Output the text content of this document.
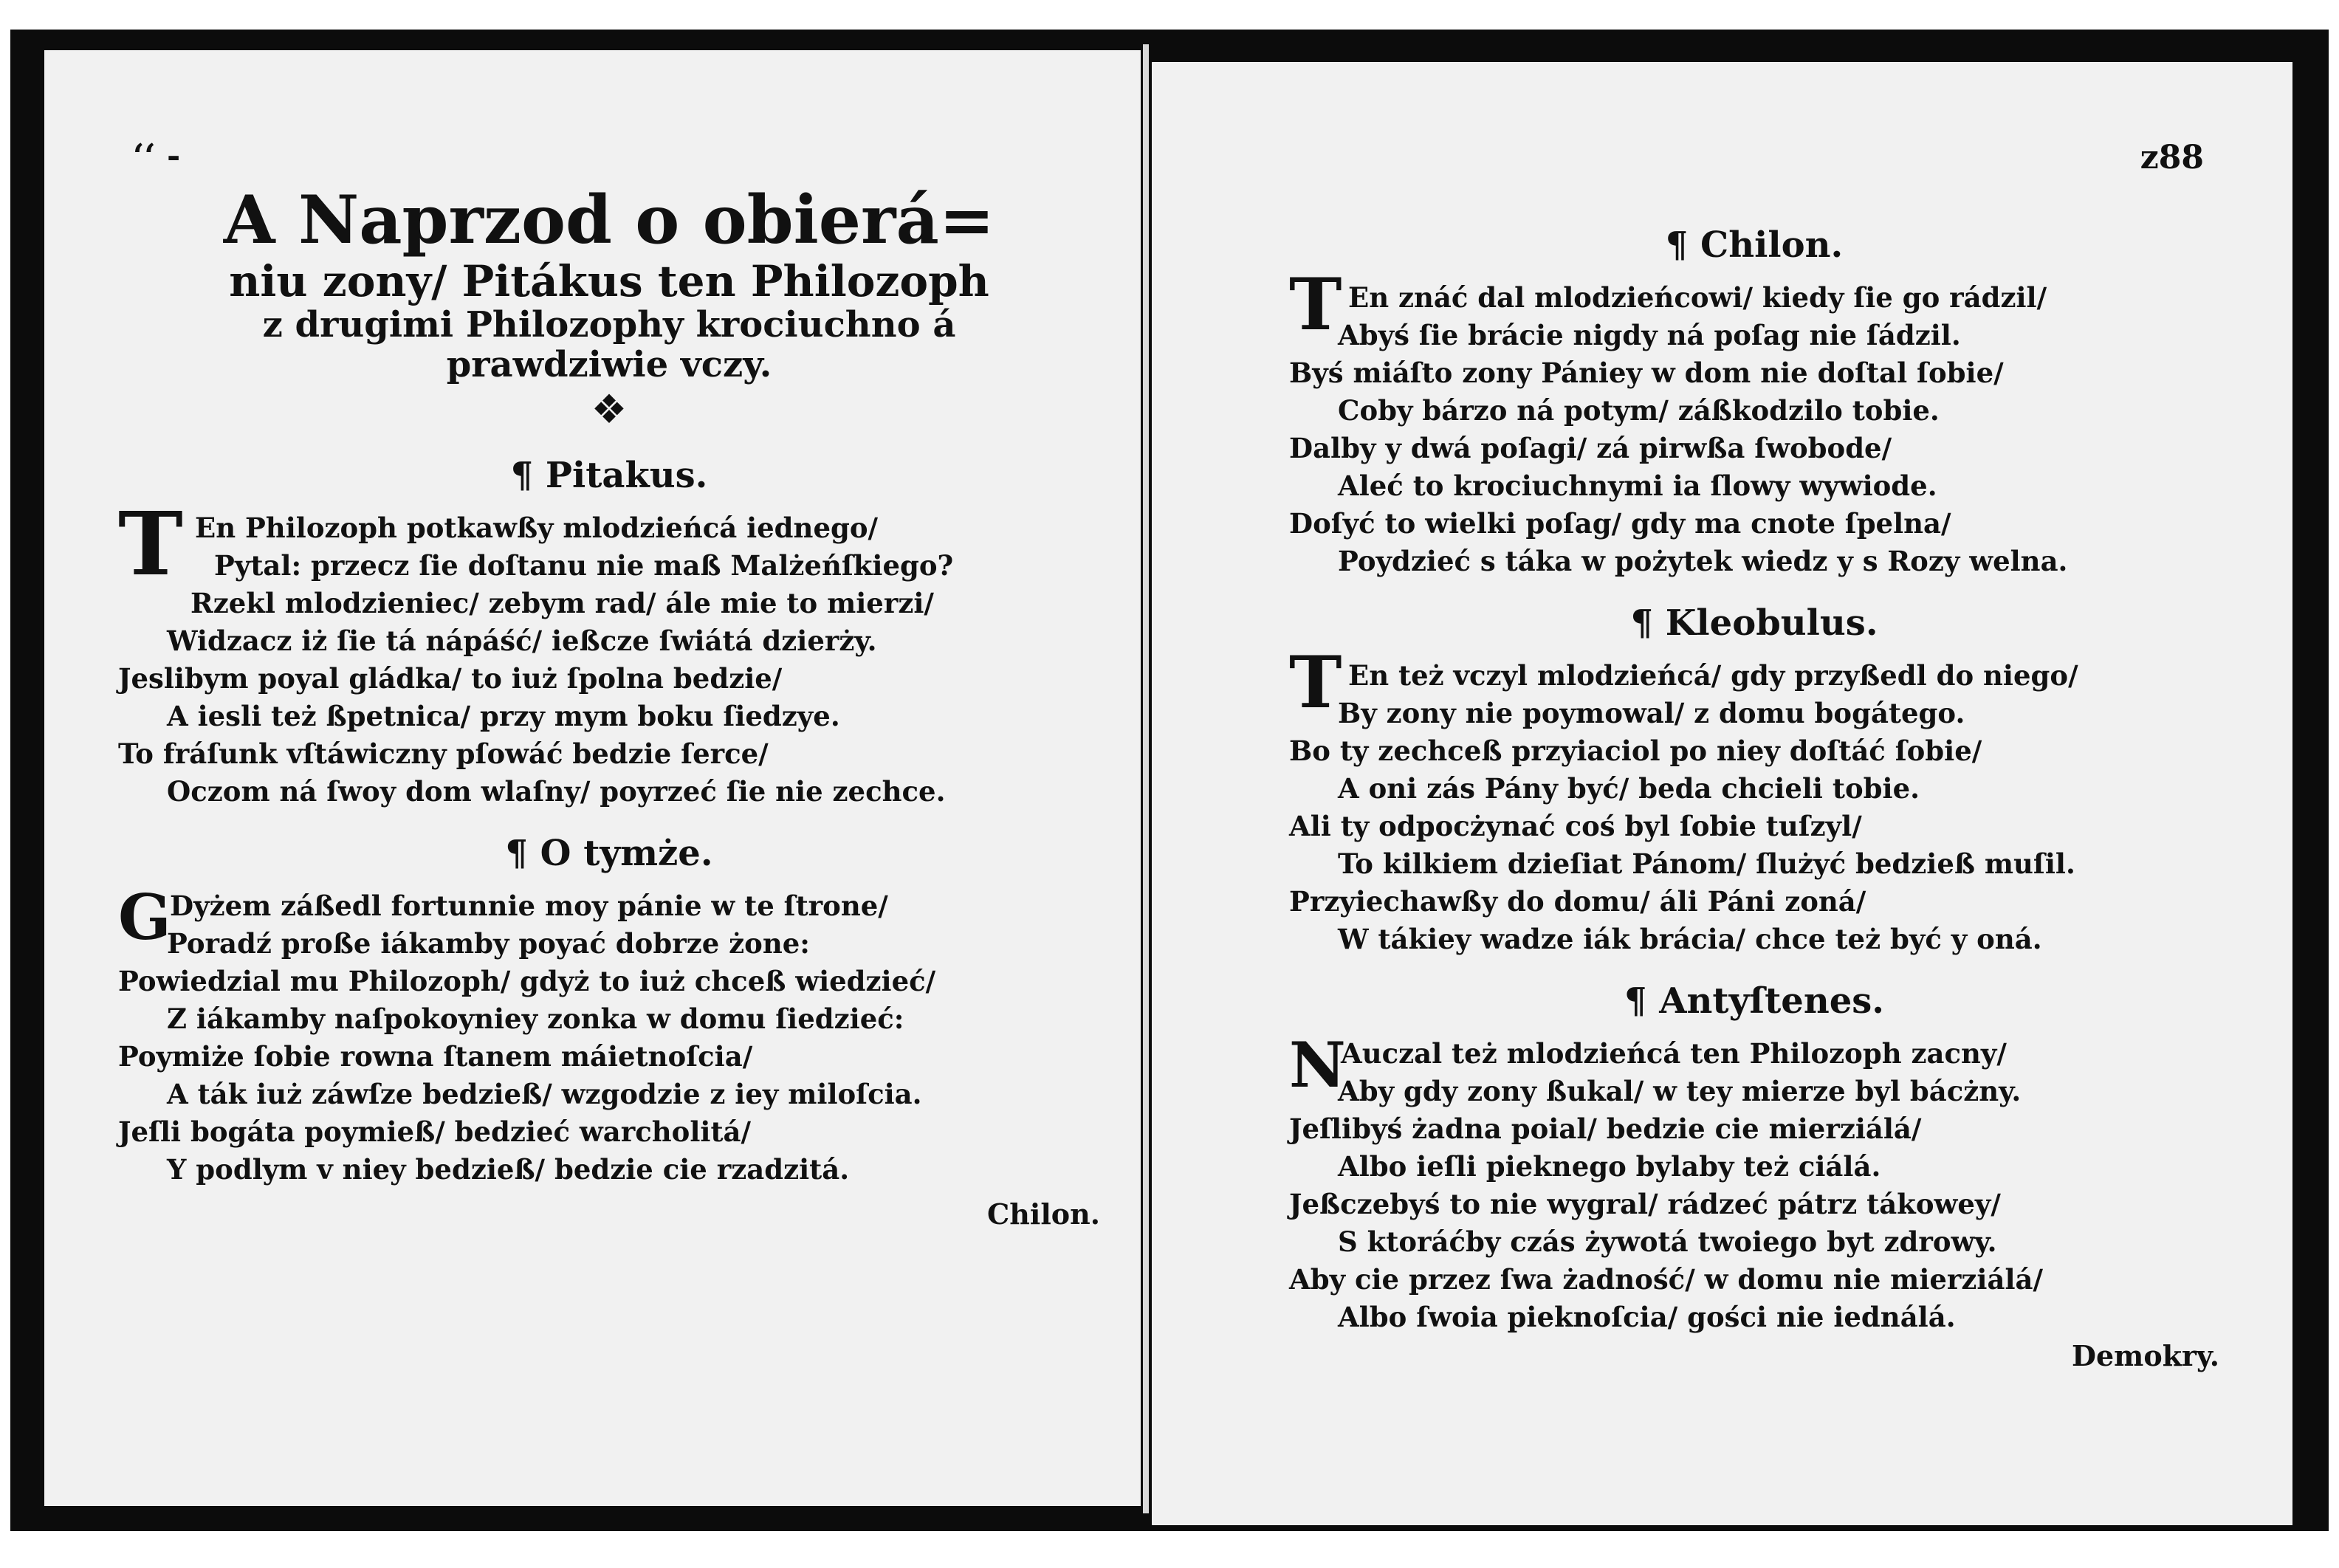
ʻʻ -
A Naprzod o obierá=
niu zony/ Pitákus ten Philozoph
z drugimi Philozophy krociuchno á
prawdziwie vczy.
❖
¶ Pitakus.
T En Philozoph potkawßy mlodzieńcá iednego/
Pytal: przecz ſie doſtanu nie maß Malżeńſkiego?
Rzekl mlodzieniec/ zebym rad/ ále mie to mierzi/
Widzacz iż ſie tá nápáść/ ießcze ſwiátá dzierży.
Jeslibym poyal gládka/ to iuż ſpolna bedzie/
A iesli też ßpetnica/ przy mym boku ſiedzye.
To fráſunk vſtáwiczny pſowáć bedzie ſerce/
Oczom ná ſwoy dom wlaſny/ poyrzeć ſie nie zechce.
¶ O tymże.
G
Dyżem záßedl fortunnie moy pánie w te ſtrone/
Poradź proße iákamby poyać dobrze żone:
Powiedzial mu Philozoph/ gdyż to iuż chceß wiedzieć/
Z iákamby naſpokoyniey zonka w domu ſiedzieć:
Poymiże ſobie rowna ſtanem máietnoſcia/
A ták iuż záwſze bedzieß/ wzgodzie z iey miloſcia.
Jeſli bogáta poymieß/ bedzieć warcholitá/
Y podlym v niey bedzieß/ bedzie cie rzadzitá.
Chilon.
z88
¶ Chilon.
T En znáć dal mlodzieńcowi/ kiedy ſie go rádzil/
Abyś ſie brácie nigdy ná poſag nie ſádzil.
Byś miáſto zony Pániey w dom nie doſtal ſobie/
Coby bárzo ná potym/ záßkodzilo tobie.
Dalby y dwá poſagi/ zá pirwßa ſwobode/
Aleć to krociuchnymi ia ſlowy wywiode.
Doſyć to wielki poſag/ gdy ma cnote ſpelna/
Poydzieć s táka w pożytek wiedz y s Rozy welna.
¶ Kleobulus.
T En też vczyl mlodzieńcá/ gdy przyßedl do niego/
By zony nie poymowal/ z domu bogátego.
Bo ty zechceß przyiaciol po niey doſtáć ſobie/
A oni zás Pány być/ beda chcieli tobie.
Ali ty odpocżynać coś byl ſobie tuſzyl/
To kilkiem dzieſiat Pánom/ ſlużyć bedzieß muſil.
Przyiechawßy do domu/ áli Páni zoná/
W tákiey wadze iák brácia/ chce też być y oná.
¶ Antyſtenes.
N
Auczal też mlodzieńcá ten Philozoph zacny/
Aby gdy zony ßukal/ w tey mierze byl bácżny.
Jeſlibyś żadna poial/ bedzie cie mierziálá/
Albo ieſli pieknego bylaby też ciálá.
Jeßczebyś to nie wygral/ rádzeć pátrz tákowey/
S ktoráćby czás żywotá twoiego byt zdrowy.
Aby cie przez ſwa żadność/ w domu nie mierziálá/
Albo ſwoia pieknoſcia/ gości nie iednálá.
Demokry.
